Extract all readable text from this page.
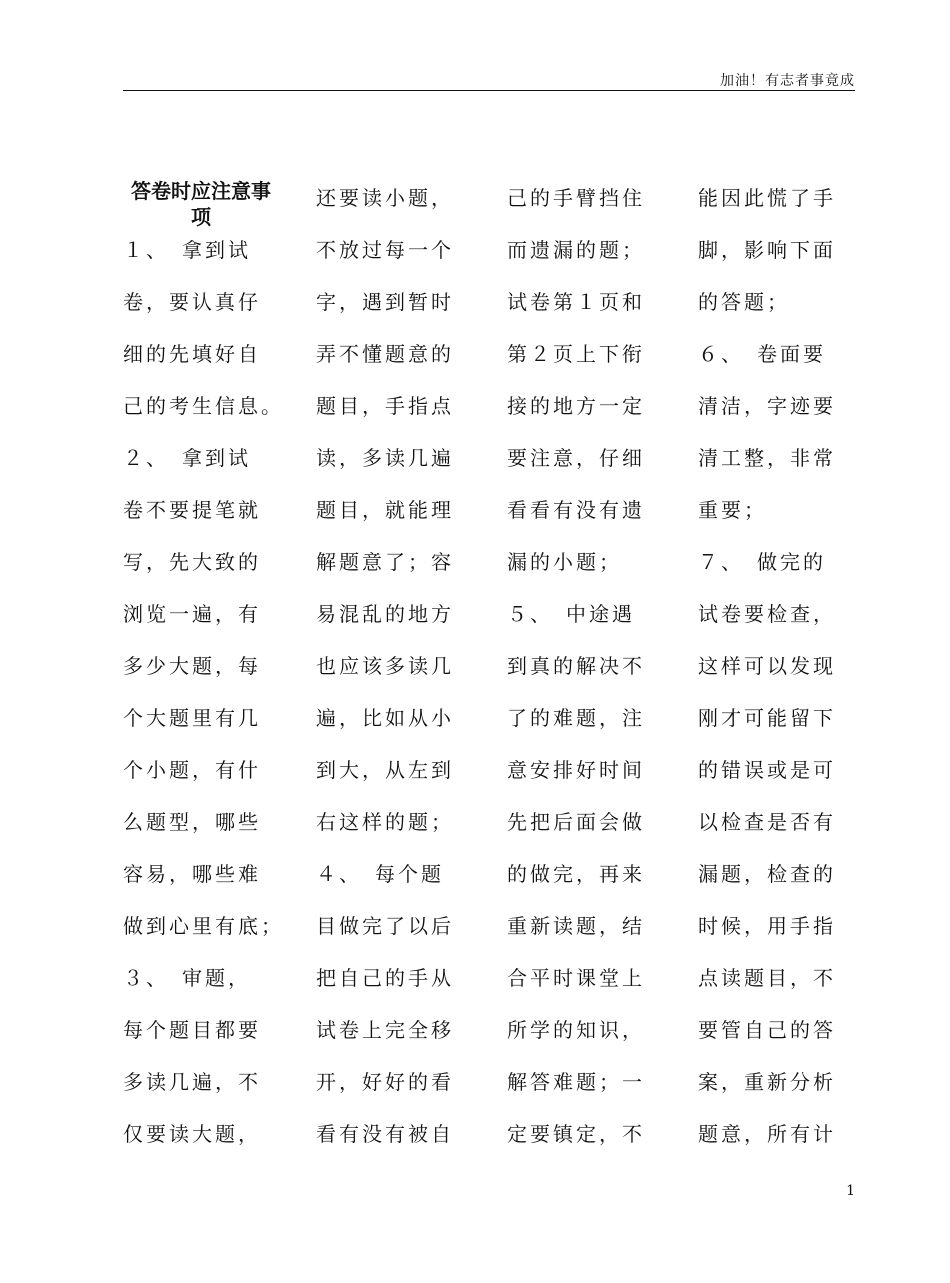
加油！有志者事竟成
答卷时应注意事项
１、　拿到试
卷，要认真仔
细的先填好自
己的考生信息。
２、　拿到试
卷不要提笔就
写，先大致的
浏览一遍，有
多少大题，每
个大题里有几
个小题，有什
么题型，哪些
容易，哪些难
做到心里有底；
３、　审题，
每个题目都要
多读几遍，不
仅要读大题，
还要读小题，
不放过每一个
字，遇到暂时
弄不懂题意的
题目，手指点
读，多读几遍
题目，就能理
解题意了；容
易混乱的地方
也应该多读几
遍，比如从小
到大，从左到
右这样的题；
４、　每个题
目做完了以后
把自己的手从
试卷上完全移
开，好好的看
看有没有被自
己的手臂挡住
而遗漏的题；
试卷第１页和
第２页上下衔
接的地方一定
要注意，仔细
看看有没有遗
漏的小题；
５、　中途遇
到真的解决不
了的难题，注
意安排好时间
先把后面会做
的做完，再来
重新读题，结
合平时课堂上
所学的知识，
解答难题；一
定要镇定，不
能因此慌了手
脚，影响下面
的答题；
６、　卷面要
清洁，字迹要
清工整，非常
重要；
７、　做完的
试卷要检查，
这样可以发现
刚才可能留下
的错误或是可
以检查是否有
漏题，检查的
时候，用手指
点读题目，不
要管自己的答
案，重新分析
题意，所有计
1
